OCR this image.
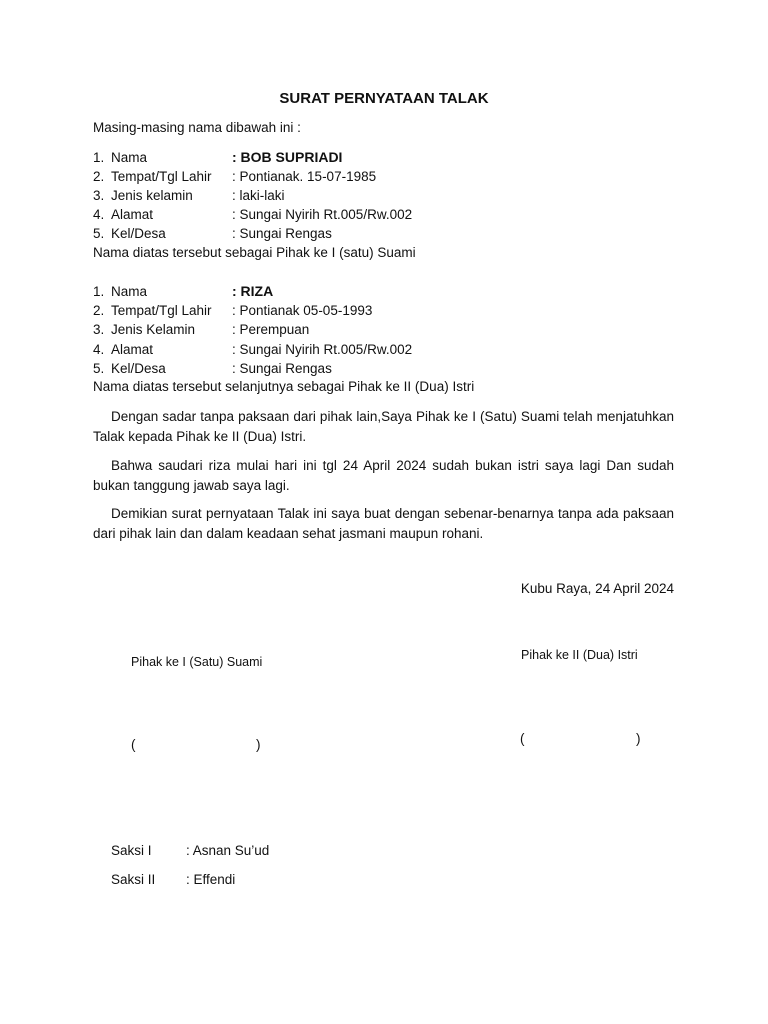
SURAT PERNYATAAN TALAK
Masing-masing nama dibawah ini :
1. Nama	: BOB SUPRIADI
2. Tempat/Tgl Lahir : Pontianak. 15-07-1985
3. Jenis kelamin	: laki-laki
4. Alamat	: Sungai Nyirih Rt.005/Rw.002
5. Kel/Desa	: Sungai Rengas
Nama diatas tersebut sebagai Pihak ke I (satu) Suami
1. Nama	: RIZA
2. Tempat/Tgl Lahir : Pontianak 05-05-1993
3. Jenis Kelamin	: Perempuan
4. Alamat	: Sungai Nyirih Rt.005/Rw.002
5. Kel/Desa	: Sungai Rengas
Nama diatas tersebut selanjutnya sebagai Pihak ke II (Dua) Istri
Dengan sadar tanpa paksaan dari pihak lain,Saya Pihak ke I (Satu) Suami telah menjatuhkan Talak kepada Pihak ke II (Dua) Istri.
Bahwa saudari riza mulai hari ini tgl 24 April 2024 sudah bukan istri saya lagi Dan sudah bukan tanggung jawab saya lagi.
Demikian surat pernyataan Talak ini saya buat dengan sebenar-benarnya tanpa ada paksaan dari pihak lain dan dalam keadaan sehat jasmani maupun rohani.
Kubu Raya, 24 April 2024
Pihak ke I (Satu) Suami	Pihak ke II (Dua) Istri
(	)	(	)
Saksi I	: Asnan Su’ud
Saksi II : Effendi
